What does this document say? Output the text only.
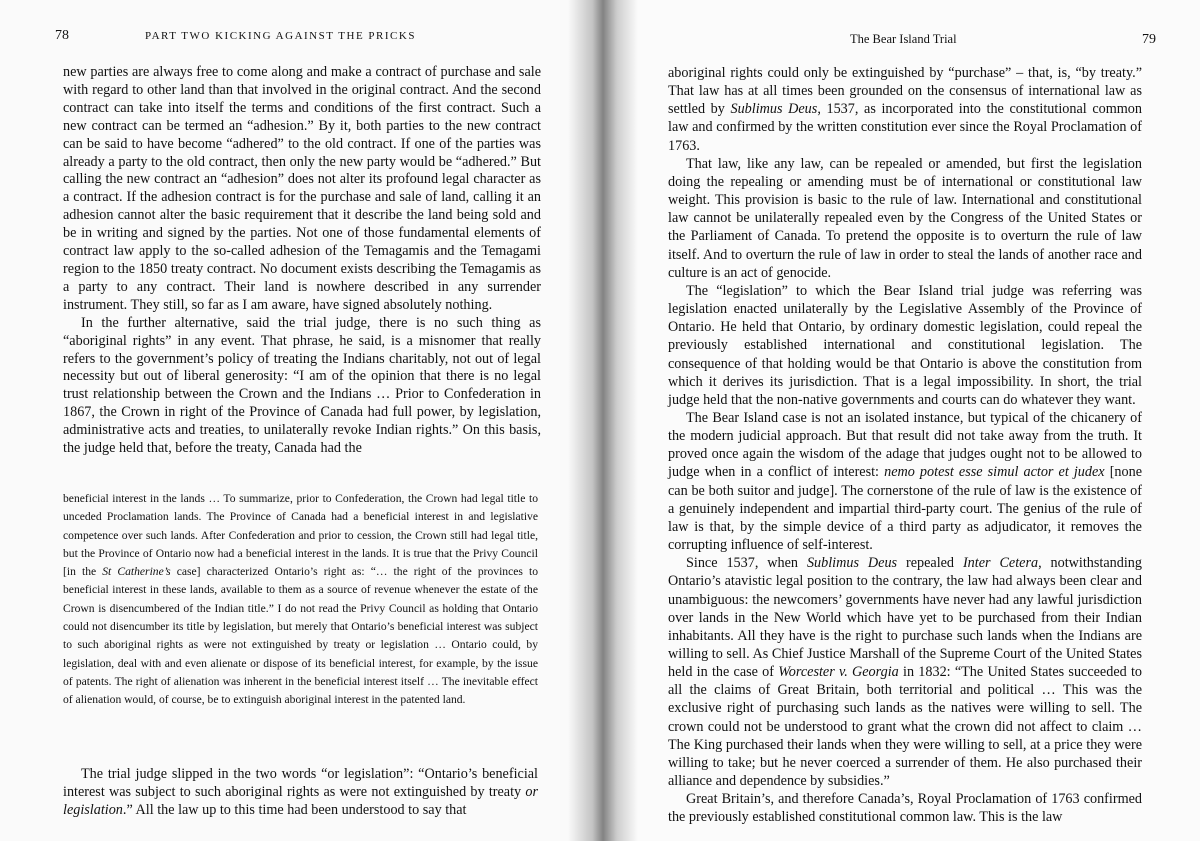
78	PART TWO KICKING AGAINST THE PRICKS

new parties are always free to come along and make a contract of purchase and sale with regard to other land than that involved in the original contract. And the second contract can take into itself the terms and conditions of the first contract. Such a new contract can be termed an “adhesion.” By it, both parties to the new contract can be said to have become “adhered” to the old contract. If one of the parties was already a party to the old contract, then only the new party would be “adhered.” But calling the new contract an “adhesion” does not alter its profound legal character as a contract. If the adhesion contract is for the purchase and sale of land, calling it an adhesion cannot alter the basic requirement that it describe the land being sold and be in writing and signed by the parties. Not one of those fundamental elements of contract law apply to the so-called adhesion of the Temagamis and the Temagami region to the 1850 treaty contract. No document exists describing the Temagamis as a party to any contract. Their land is nowhere described in any surrender instrument. They still, so far as I am aware, have signed absolutely nothing.

In the further alternative, said the trial judge, there is no such thing as “aboriginal rights” in any event. That phrase, he said, is a misnomer that really refers to the government’s policy of treating the Indians charitably, not out of legal necessity but out of liberal generosity: “I am of the opinion that there is no legal trust relationship between the Crown and the Indians … Prior to Confederation in 1867, the Crown in right of the Province of Canada had full power, by legislation, administrative acts and treaties, to unilaterally revoke Indian rights.” On this basis, the judge held that, before the treaty, Canada had the

beneficial interest in the lands … To summarize, prior to Confederation, the Crown had legal title to unceded Proclamation lands. The Province of Canada had a beneficial interest in and legislative competence over such lands. After Confederation and prior to cession, the Crown still had legal title, but the Province of Ontario now had a beneficial interest in the lands. It is true that the Privy Council [in the St Catherine’s case] characterized Ontario’s right as: “… the right of the provinces to beneficial interest in these lands, available to them as a source of revenue whenever the estate of the Crown is disencumbered of the Indian title.” I do not read the Privy Council as holding that Ontario could not disencumber its title by legislation, but merely that Ontario’s beneficial interest was subject to such aboriginal rights as were not extinguished by treaty or legislation … Ontario could, by legislation, deal with and even alienate or dispose of its beneficial interest, for example, by the issue of patents. The right of alienation was inherent in the beneficial interest itself … The inevitable effect of alienation would, of course, be to extinguish aboriginal interest in the patented land.

The trial judge slipped in the two words “or legislation”: “Ontario’s beneficial interest was subject to such aboriginal rights as were not extinguished by treaty or legislation.” All the law up to this time had been understood to say that

The Bear Island Trial	79

aboriginal rights could only be extinguished by “purchase” – that, is, “by treaty.” That law has at all times been grounded on the consensus of international law as settled by Sublimus Deus, 1537, as incorporated into the constitutional common law and confirmed by the written constitution ever since the Royal Proclamation of 1763.

That law, like any law, can be repealed or amended, but first the legislation doing the repealing or amending must be of international or constitutional law weight. This provision is basic to the rule of law. International and constitutional law cannot be unilaterally repealed even by the Congress of the United States or the Parliament of Canada. To pretend the opposite is to overturn the rule of law itself. And to overturn the rule of law in order to steal the lands of another race and culture is an act of genocide.

The “legislation” to which the Bear Island trial judge was referring was legislation enacted unilaterally by the Legislative Assembly of the Province of Ontario. He held that Ontario, by ordinary domestic legislation, could repeal the previously established international and constitutional legislation. The consequence of that holding would be that Ontario is above the constitution from which it derives its jurisdiction. That is a legal impossibility. In short, the trial judge held that the non-native governments and courts can do whatever they want.

The Bear Island case is not an isolated instance, but typical of the chicanery of the modern judicial approach. But that result did not take away from the truth. It proved once again the wisdom of the adage that judges ought not to be allowed to judge when in a conflict of interest: nemo potest esse simul actor et judex [none can be both suitor and judge]. The cornerstone of the rule of law is the existence of a genuinely independent and impartial third-party court. The genius of the rule of law is that, by the simple device of a third party as adjudicator, it removes the corrupting influence of self-interest.

Since 1537, when Sublimus Deus repealed Inter Cetera, notwithstanding Ontario’s atavistic legal position to the contrary, the law had always been clear and unambiguous: the newcomers’ governments have never had any lawful jurisdiction over lands in the New World which have yet to be purchased from their Indian inhabitants. All they have is the right to purchase such lands when the Indians are willing to sell. As Chief Justice Marshall of the Supreme Court of the United States held in the case of Worcester v. Georgia in 1832: “The United States succeeded to all the claims of Great Britain, both territorial and political … This was the exclusive right of purchasing such lands as the natives were willing to sell. The crown could not be understood to grant what the crown did not affect to claim … The King purchased their lands when they were willing to sell, at a price they were willing to take; but he never coerced a surrender of them. He also purchased their alliance and dependence by subsidies.”

Great Britain’s, and therefore Canada’s, Royal Proclamation of 1763 confirmed the previously established constitutional common law. This is the law
